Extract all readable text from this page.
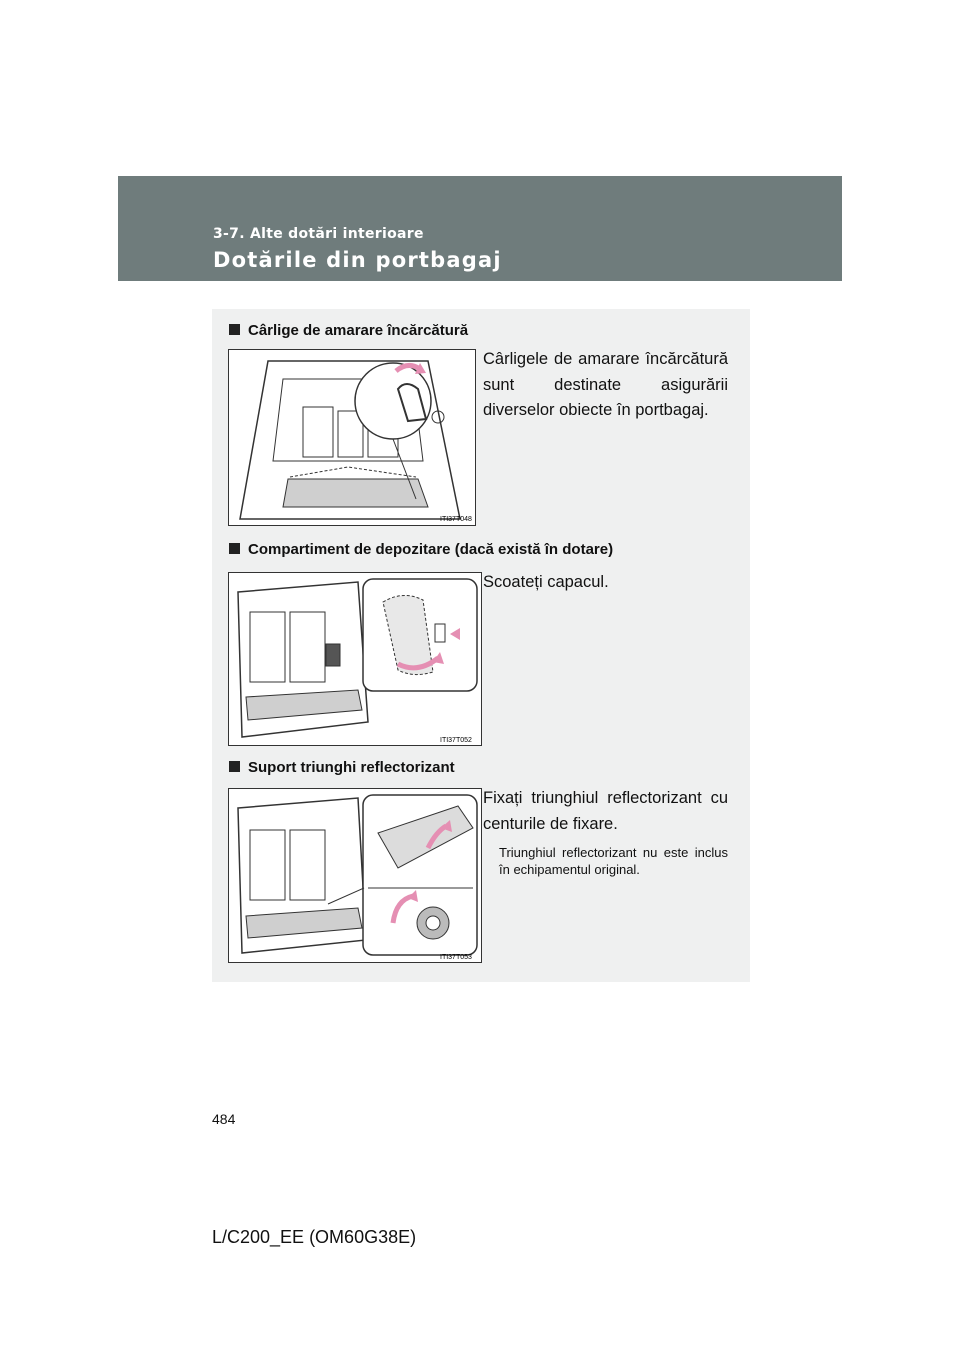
3-7. Alte dotări interioare
Dotările din portbagaj
Cârlige de amarare încărcătură
ITI37T048
Cârligele de amarare încărcătură sunt destinate asigurării diverselor obiecte în portbagaj.
Compartiment de depozitare (dacă există în dotare)
ITI37T052
Scoateți capacul.
Suport triunghi reflectorizant
ITI37T053
Fixați triunghiul reflectorizant cu centurile de fixare.
Triunghiul reflectorizant nu este inclus în echipamentul original.
484
L/C200_EE (OM60G38E)
